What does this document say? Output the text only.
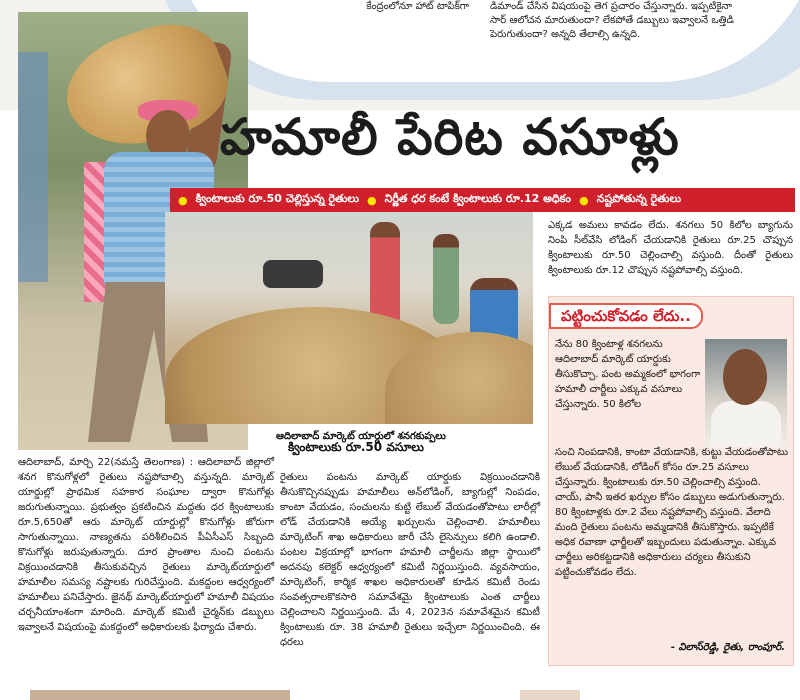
కేంద్రంలోనూ హాట్ టాపిక్‌గా డిమాండ్ చేసిన విషయంపై తెగ ప్రచారం చేస్తున్నారు. ఇప్పటికైనా సార్ ఆలోచన మారుతుందా? లేకపోతే డబ్బులు ఇవ్వాలనే ఒత్తిడి పెరుగుతుందా? అన్నది తేలాల్సి ఉన్నది.
హమాలీ పేరిట వసూళ్లు
● క్వింటాలుకు రూ.50 చెల్లిస్తున్న రైతులు ● నిర్ణీత ధర కంటే క్వింటాలుకు రూ.12 అధికం ● నష్టపోతున్న రైతులు
ఆదిలాబాద్ మార్కెట్ యార్డులో శనగకుప్పలు
ఎక్కడ అమలు కావడం లేదు. శనగలు 50 కిలోల బ్యాగును నింపి సీల్‌వేసి లోడింగ్ చేయడానికి రైతులు రూ.25 చొప్పున క్వింటాలుకు రూ.50 చెల్లించాల్సి వస్తుంది. దీంతో రైతులు క్వింటాలుకు రూ.12 చొప్పున నష్టపోవాల్సి వస్తుంది.
పట్టించుకోవడం లేదు..
నేను 80 క్వింటాళ్ల శనగలను ఆదిలాబాద్ మార్కెట్ యార్డుకు తీసుకొచ్చా. పంట అమ్మకంలో భాగంగా హమాలీ చార్జీలు ఎక్కువ వసూలు చేస్తున్నారు. 50 కిలోల
సంచి నింపడానికి, కాంటా వేయడానికి, కుట్టు వేయడంతోపాటు లేబుల్ వేయడానికి, లోడింగ్ కోసం రూ.25 వసూలు చేస్తున్నారు. క్వింటాలుకు రూ.50 చెల్లించాల్సి వస్తుంది. చాయ్, పానీ ఇతర ఖర్చుల కోసం డబ్బులు అడుగుతున్నారు. 80 క్వింటాళ్లకు రూ.2 వేలు నష్టపోవాల్సి వస్తుంది. వేలాది మంది రైతులు పంటను అమ్మడానికి తీసుకొస్తారు. ఇప్పటికే అధిక రవాణా ఛార్జీలతో ఇబ్బందులు పడుతున్నాం. ఎక్కువ చార్జీలు అరికట్టడానికి అధికారులు చర్యలు తీసుకుని పట్టించుకోవడం లేదు.
- విలాస్‌రెడ్డి, రైతు, రాంపూర్.
క్వింటాలుకు రూ.50 వసూలు
ఆదిలాబాద్, మార్చి 22(నమస్తే తెలంగాణ) : ఆదిలాబాద్ జిల్లాలో శనగ కొనుగోళ్లలో రైతులు నష్టపోవాల్సి వస్తున్నది. మార్కెట్ యార్డుల్లో ప్రాథమిక సహకార సంఘాల ద్వారా కొనుగోళ్లు జరుగుతున్నాయి. ప్రభుత్వం ప్రకటించిన మద్దతు ధర క్వింటాలుకు రూ.5,650తో ఆరు మార్కెట్ యార్డుల్లో కొనుగోళ్లు జోరుగా సాగుతున్నాయి. నాణ్యతను పరిశీలించిన పీఏసీఎస్ సిబ్బంది కొనుగోళ్లు జరుపుతున్నారు. దూర ప్రాంతాల నుంచి పంటను విక్రయించడానికి తీసుకువచ్చిన రైతులు మార్కెట్‌యార్డులో హమాలీల సమస్య నష్టాలకు గురిచేస్తుంది. మకద్దంల ఆధ్వర్యంలో హమాలీలు పనిచేస్తారు. జైనథ్ మార్కెట్‌యార్డులో హమాలీ విషయం చర్చనీయాంశంగా మారింది. మార్కెట్ కమిటీ చైర్మన్‌కు డబ్బులు ఇవ్వాలనే విషయంపై మకద్దంలో అధికారులకు ఫిర్యాదు చేశారు.
రైతులు పంటను మార్కెట్ యార్డుకు విక్రయించడానికి తీసుకొచ్చినప్పుడు హమాలీలు అన్‌లోడింగ్, బ్యాగుల్లో నింపడం, కాంటా వేయడం, సంచులను కుట్టి లేబుల్ వేయడంతోపాటు లారీల్లో లోడ్ చేయడానికి అయ్యే ఖర్చులను చెల్లించాలి. హమాలీలు మార్కెటింగ్ శాఖ అధికారులు జారీ చేసే లైసెన్సులు కలిగి ఉండాలి. పంటల విక్రయాల్లో భాగంగా హమాలీ చార్జీలను జిల్లా స్థాయిలో అదనపు కలెక్టర్ ఆధ్వర్యంలో కమిటీ నిర్ణయిస్తుంది. వ్యవసాయం, మార్కెటింగ్, కార్మిక శాఖల అధికారులతో కూడిన కమిటీ రెండు సంవత్సరాలకొకసారి సమావేశమై క్వింటాలుకు ఎంత చార్జీలు చెల్లించాలని నిర్ణయిస్తుంది. మే 4, 2023న సమావేశమైన కమిటీ క్వింటాలుకు రూ. 38 హమాలీ రైతులు ఇచ్చేలా నిర్ణయించింది. ఈ ధరలు
